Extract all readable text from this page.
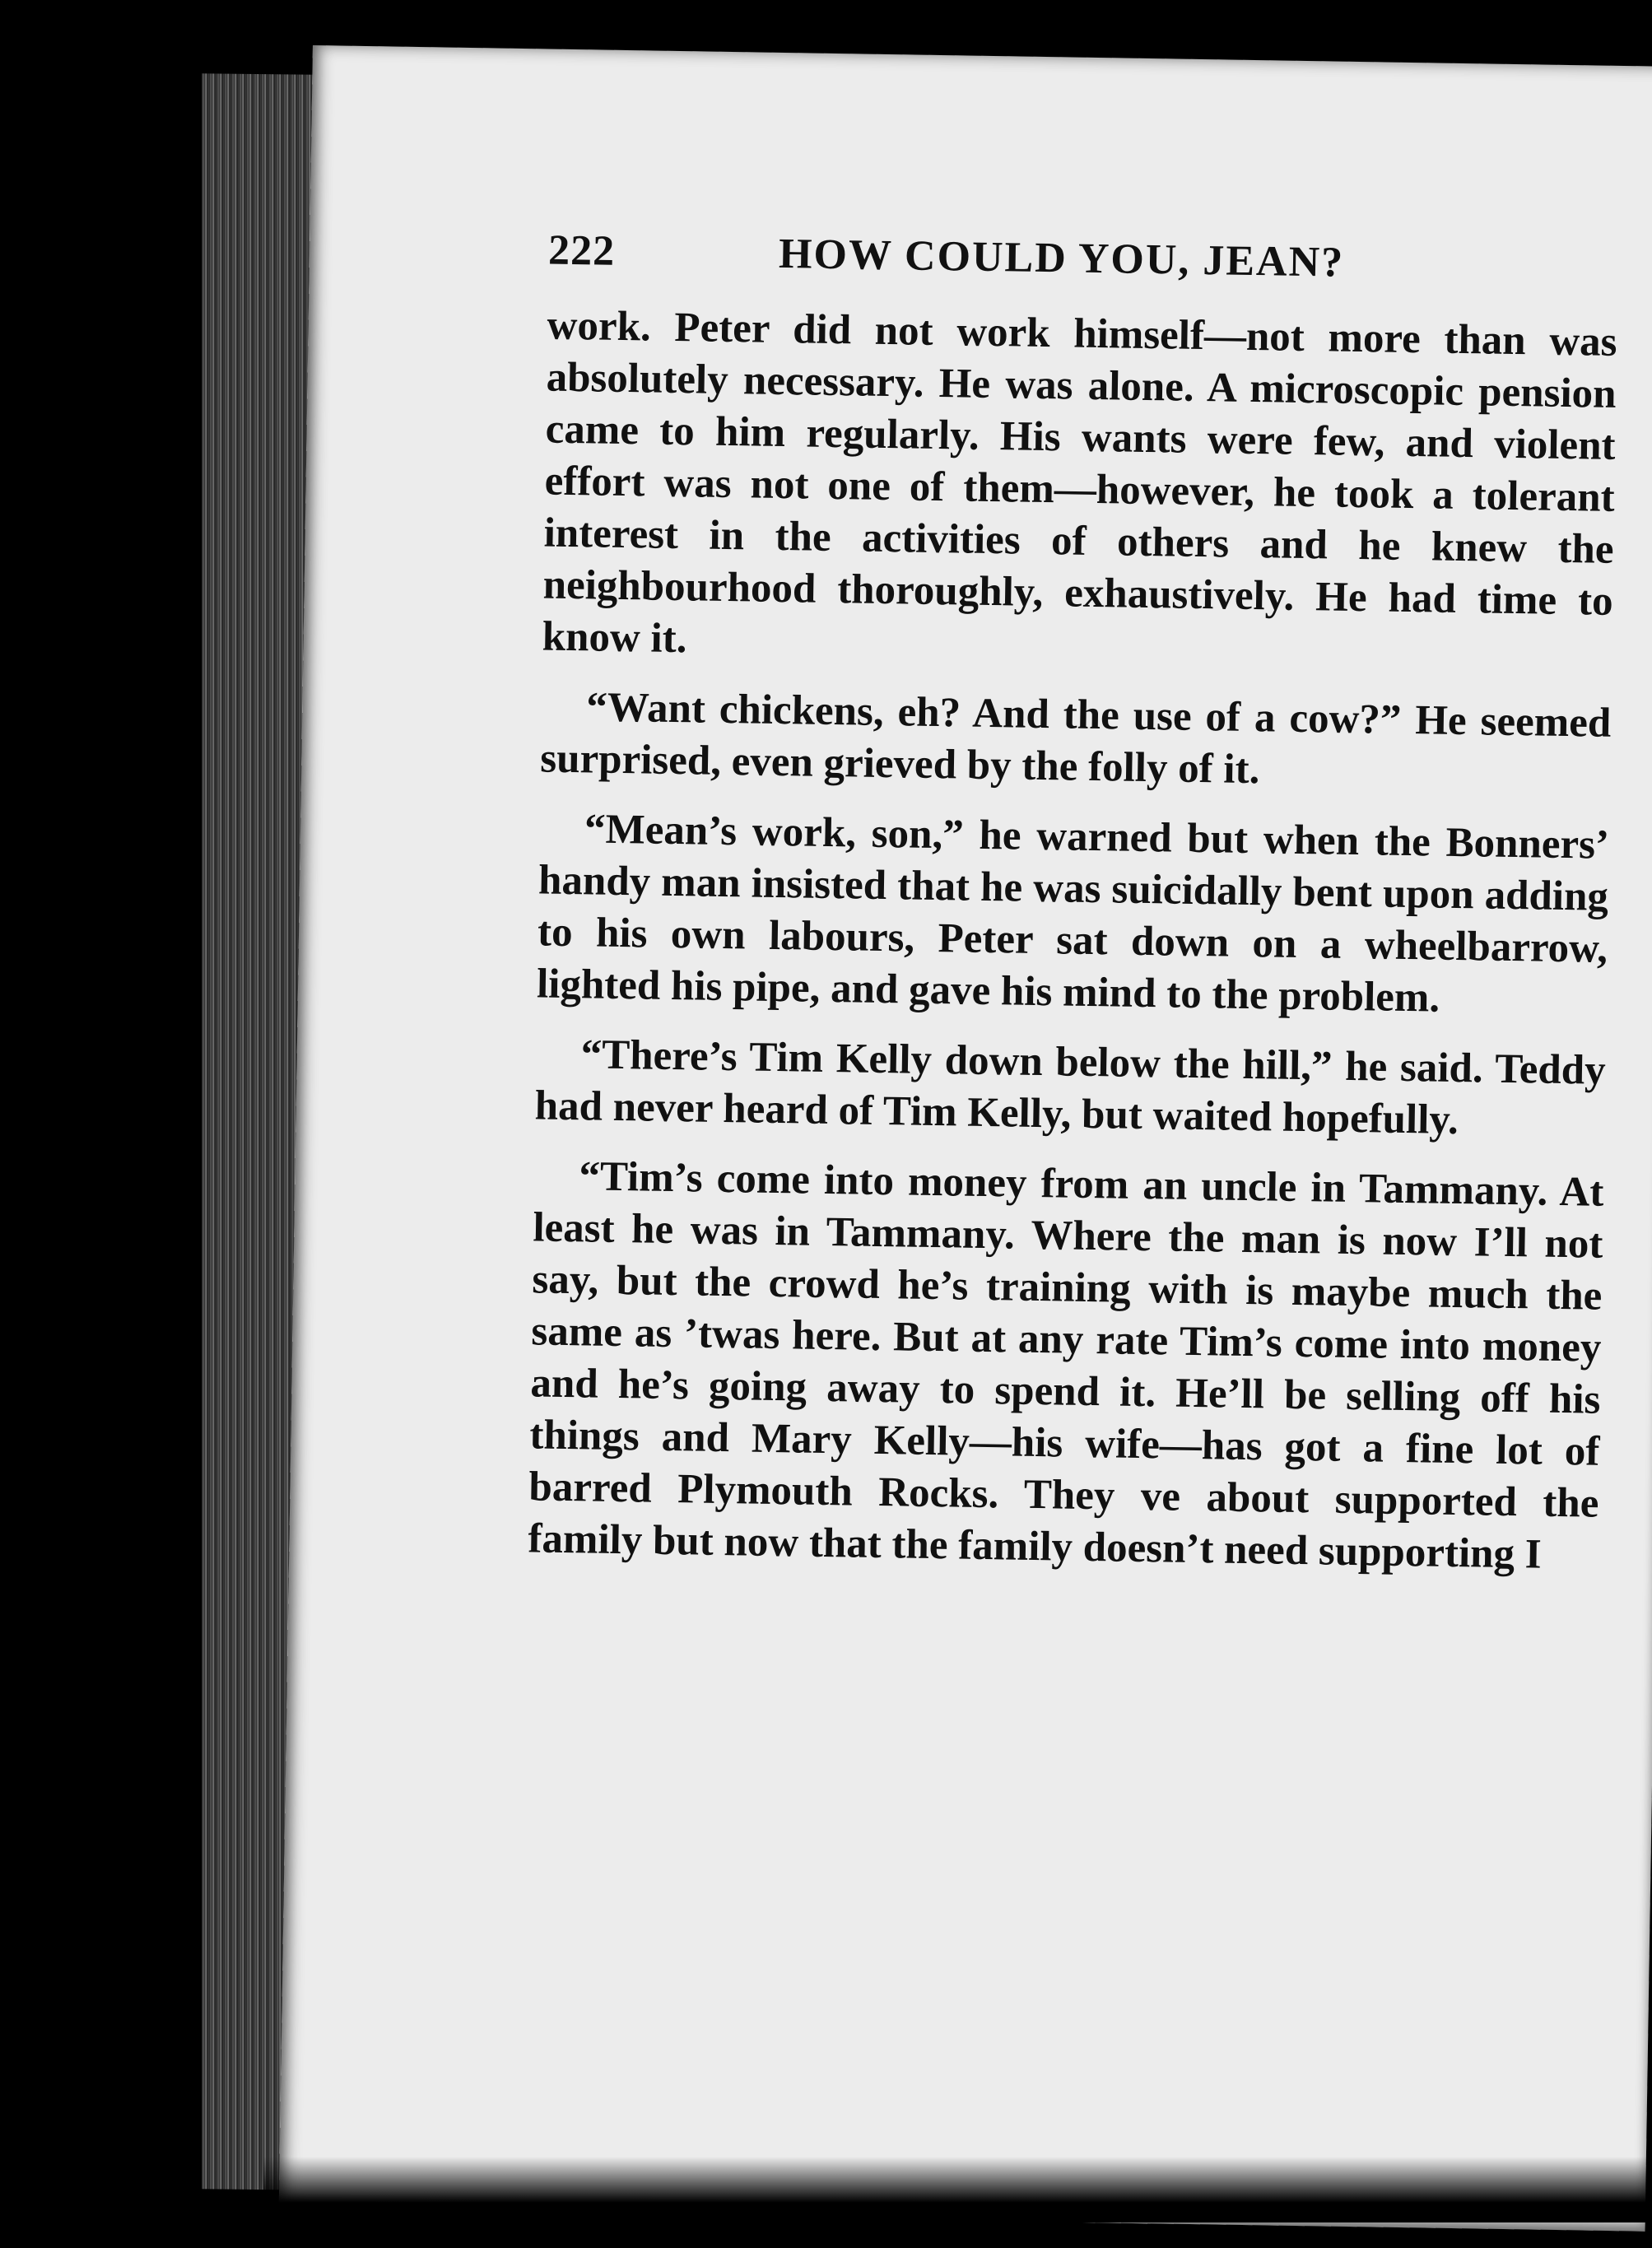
222	HOW COULD YOU, JEAN?

work. Peter did not work himself—not more than was absolutely necessary. He was alone. A microscopic pension came to him regularly. His wants were few, and violent effort was not one of them—however, he took a tolerant interest in the activities of others and he knew the neighbourhood thoroughly, exhaustively. He had time to know it.

“Want chickens, eh? And the use of a cow?” He seemed surprised, even grieved by the folly of it.

“Mean’s work, son,” he warned but when the Bonners’ handy man insisted that he was suicidally bent upon adding to his own labours, Peter sat down on a wheelbarrow, lighted his pipe, and gave his mind to the problem.

“There’s Tim Kelly down below the hill,” he said. Teddy had never heard of Tim Kelly, but waited hopefully.

“Tim’s come into money from an uncle in Tammany. At least he was in Tammany. Where the man is now I’ll not say, but the crowd he’s training with is maybe much the same as ’twas here. But at any rate Tim’s come into money and he’s going away to spend it. He’ll be selling off his things and Mary Kelly—his wife—has got a fine lot of barred Plymouth Rocks. They ve about supported the family but now that the family doesn’t need supporting I
